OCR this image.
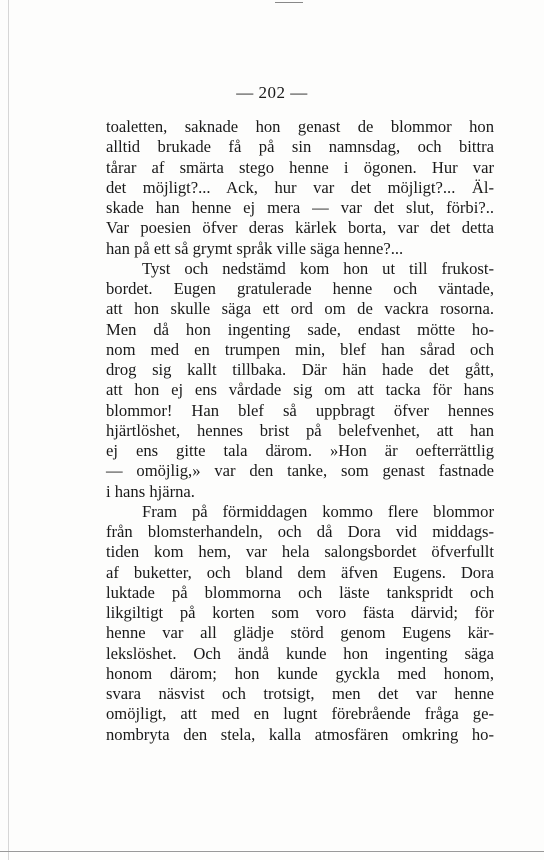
— 202 —
toaletten, saknade hon genast de blommor hon
alltid brukade få på sin namnsdag, och bittra
tårar af smärta stego henne i ögonen. Hur var
det möjligt?... Ack, hur var det möjligt?... Äl-
skade han henne ej mera — var det slut, förbi?..
Var poesien öfver deras kärlek borta, var det detta
han på ett så grymt språk ville säga henne?...
Tyst och nedstämd kom hon ut till frukost-
bordet. Eugen gratulerade henne och väntade,
att hon skulle säga ett ord om de vackra rosorna.
Men då hon ingenting sade, endast mötte ho-
nom med en trumpen min, blef han sårad och
drog sig kallt tillbaka. Där hän hade det gått,
att hon ej ens vårdade sig om att tacka för hans
blommor! Han blef så uppbragt öfver hennes
hjärtlöshet, hennes brist på belefvenhet, att han
ej ens gitte tala därom. »Hon är oefterrättlig
— omöjlig,» var den tanke, som genast fastnade
i hans hjärna.
Fram på förmiddagen kommo flere blommor
från blomsterhandeln, och då Dora vid middags-
tiden kom hem, var hela salongsbordet öfverfullt
af buketter, och bland dem äfven Eugens. Dora
luktade på blommorna och läste tankspridt och
likgiltigt på korten som voro fästa därvid; för
henne var all glädje störd genom Eugens kär-
lekslöshet. Och ändå kunde hon ingenting säga
honom därom; hon kunde gyckla med honom,
svara näsvist och trotsigt, men det var henne
omöjligt, att med en lugnt förebrående fråga ge-
nombryta den stela, kalla atmosfären omkring ho-
